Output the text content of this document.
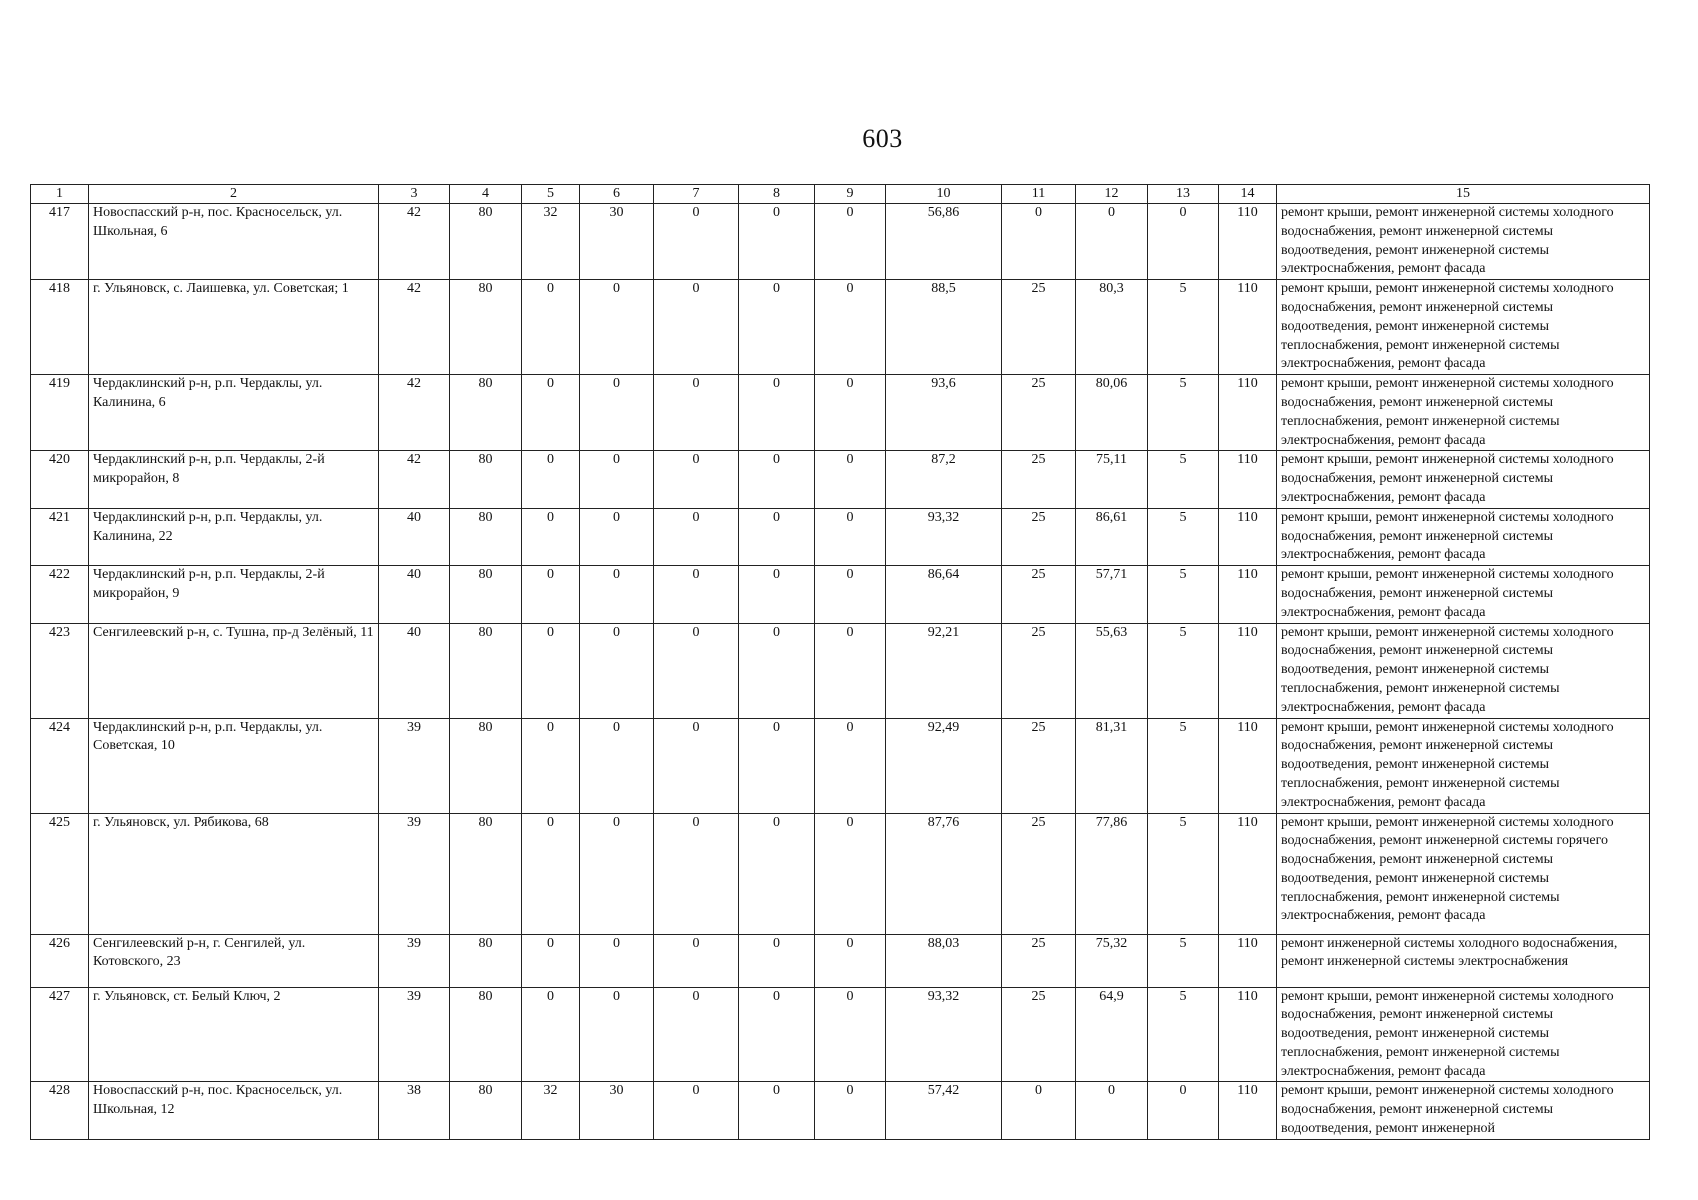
603
1	2	3	4	5	6	7	8	9	10	11	12	13	14	15
417	Новоспасский р-н, пос. Красносельск, ул. Школьная, 6	42	80	32	30	0	0	0	56,86	0	0	0	110	ремонт крыши, ремонт инженерной системы холодного водоснабжения, ремонт инженерной системы водоотведения, ремонт инженерной системы электроснабжения, ремонт фасада
418	г. Ульяновск, с. Лаишевка, ул. Советская; 1	42	80	0	0	0	0	0	88,5	25	80,3	5	110	ремонт крыши, ремонт инженерной системы холодного водоснабжения, ремонт инженерной системы водоотведения, ремонт инженерной системы теплоснабжения, ремонт инженерной системы электроснабжения, ремонт фасада
419	Чердаклинский р-н, р.п. Чердаклы, ул. Калинина, 6	42	80	0	0	0	0	0	93,6	25	80,06	5	110	ремонт крыши, ремонт инженерной системы холодного водоснабжения, ремонт инженерной системы теплоснабжения, ремонт инженерной системы электроснабжения, ремонт фасада
420	Чердаклинский р-н, р.п. Чердаклы, 2-й микрорайон, 8	42	80	0	0	0	0	0	87,2	25	75,11	5	110	ремонт крыши, ремонт инженерной системы холодного водоснабжения, ремонт инженерной системы электроснабжения, ремонт фасада
421	Чердаклинский р-н, р.п. Чердаклы, ул. Калинина, 22	40	80	0	0	0	0	0	93,32	25	86,61	5	110	ремонт крыши, ремонт инженерной системы холодного водоснабжения, ремонт инженерной системы электроснабжения, ремонт фасада
422	Чердаклинский р-н, р.п. Чердаклы, 2-й микрорайон, 9	40	80	0	0	0	0	0	86,64	25	57,71	5	110	ремонт крыши, ремонт инженерной системы холодного водоснабжения, ремонт инженерной системы электроснабжения, ремонт фасада
423	Сенгилеевский р-н, с. Тушна, пр-д Зелёный, 11	40	80	0	0	0	0	0	92,21	25	55,63	5	110	ремонт крыши, ремонт инженерной системы холодного водоснабжения, ремонт инженерной системы водоотведения, ремонт инженерной системы теплоснабжения, ремонт инженерной системы электроснабжения, ремонт фасада
424	Чердаклинский р-н, р.п. Чердаклы, ул. Советская, 10	39	80	0	0	0	0	0	92,49	25	81,31	5	110	ремонт крыши, ремонт инженерной системы холодного водоснабжения, ремонт инженерной системы водоотведения, ремонт инженерной системы теплоснабжения, ремонт инженерной системы электроснабжения, ремонт фасада
425	г. Ульяновск, ул. Рябикова, 68	39	80	0	0	0	0	0	87,76	25	77,86	5	110	ремонт крыши, ремонт инженерной системы холодного водоснабжения, ремонт инженерной системы горячего водоснабжения, ремонт инженерной системы водоотведения, ремонт инженерной системы теплоснабжения, ремонт инженерной системы электроснабжения, ремонт фасада
426	Сенгилеевский р-н, г. Сенгилей, ул. Котовского, 23	39	80	0	0	0	0	0	88,03	25	75,32	5	110	ремонт инженерной системы холодного водоснабжения, ремонт инженерной системы электроснабжения
427	г. Ульяновск, ст. Белый Ключ, 2	39	80	0	0	0	0	0	93,32	25	64,9	5	110	ремонт крыши, ремонт инженерной системы холодного водоснабжения, ремонт инженерной системы водоотведения, ремонт инженерной системы теплоснабжения, ремонт инженерной системы электроснабжения, ремонт фасада
428	Новоспасский р-н, пос. Красносельск, ул. Школьная, 12	38	80	32	30	0	0	0	57,42	0	0	0	110	ремонт крыши, ремонт инженерной системы холодного водоснабжения, ремонт инженерной системы водоотведения, ремонт инженерной
